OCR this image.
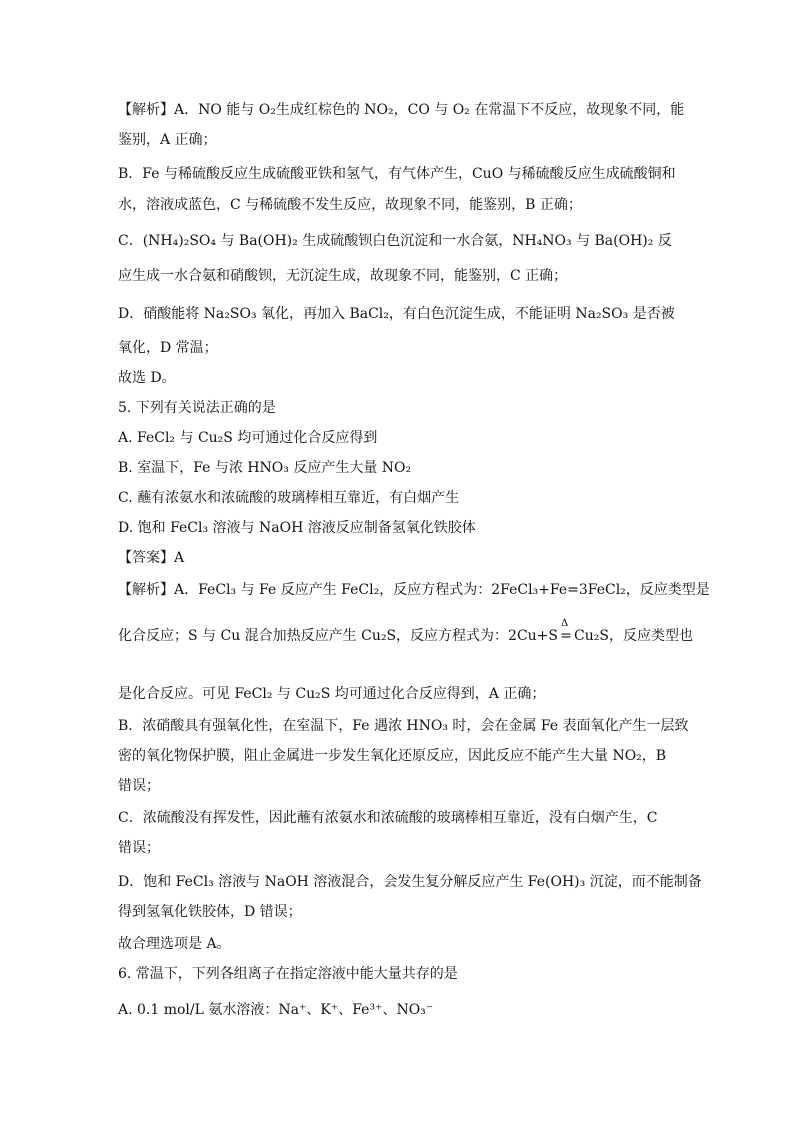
【解析】A．NO 能与 O₂生成红棕色的 NO₂，CO 与 O₂ 在常温下不反应，故现象不同，能
鉴别，A 正确；
B．Fe 与稀硫酸反应生成硫酸亚铁和氢气，有气体产生，CuO 与稀硫酸反应生成硫酸铜和
水，溶液成蓝色，C 与稀硫酸不发生反应，故现象不同，能鉴别，B 正确；
C．(NH₄)₂SO₄ 与 Ba(OH)₂ 生成硫酸钡白色沉淀和一水合氨，NH₄NO₃ 与 Ba(OH)₂ 反
应生成一水合氨和硝酸钡，无沉淀生成，故现象不同，能鉴别，C 正确；
D．硝酸能将 Na₂SO₃ 氧化，再加入 BaCl₂，有白色沉淀生成，不能证明 Na₂SO₃ 是否被
氧化，D 常温；
故选 D。
5. 下列有关说法正确的是
A. FeCl₂ 与 Cu₂S 均可通过化合反应得到
B. 室温下，Fe 与浓 HNO₃ 反应产生大量 NO₂
C. 蘸有浓氨水和浓硫酸的玻璃棒相互靠近，有白烟产生
D. 饱和 FeCl₃ 溶液与 NaOH 溶液反应制备氢氧化铁胶体
【答案】A
【解析】A．FeCl₃ 与 Fe 反应产生 FeCl₂，反应方程式为：2FeCl₃+Fe=3FeCl₂，反应类型是
化合反应；S 与 Cu 混合加热反应产生 Cu₂S，反应方程式为：2Cu+S
Δ
= Cu₂S，反应类型也
是化合反应。可见 FeCl₂ 与 Cu₂S 均可通过化合反应得到，A 正确；
B．浓硝酸具有强氧化性，在室温下，Fe 遇浓 HNO₃ 时，会在金属 Fe 表面氧化产生一层致
密的氧化物保护膜，阻止金属进一步发生氧化还原反应，因此反应不能产生大量 NO₂，B
错误；
C．浓硫酸没有挥发性，因此蘸有浓氨水和浓硫酸的玻璃棒相互靠近，没有白烟产生，C
错误；
D．饱和 FeCl₃ 溶液与 NaOH 溶液混合，会发生复分解反应产生 Fe(OH)₃ 沉淀，而不能制备
得到氢氧化铁胶体，D 错误；
故合理选项是 A。
6. 常温下，下列各组离子在指定溶液中能大量共存的是
A. 0.1 mol/L 氨水溶液：Na⁺、K⁺、Fe³⁺、NO₃⁻
